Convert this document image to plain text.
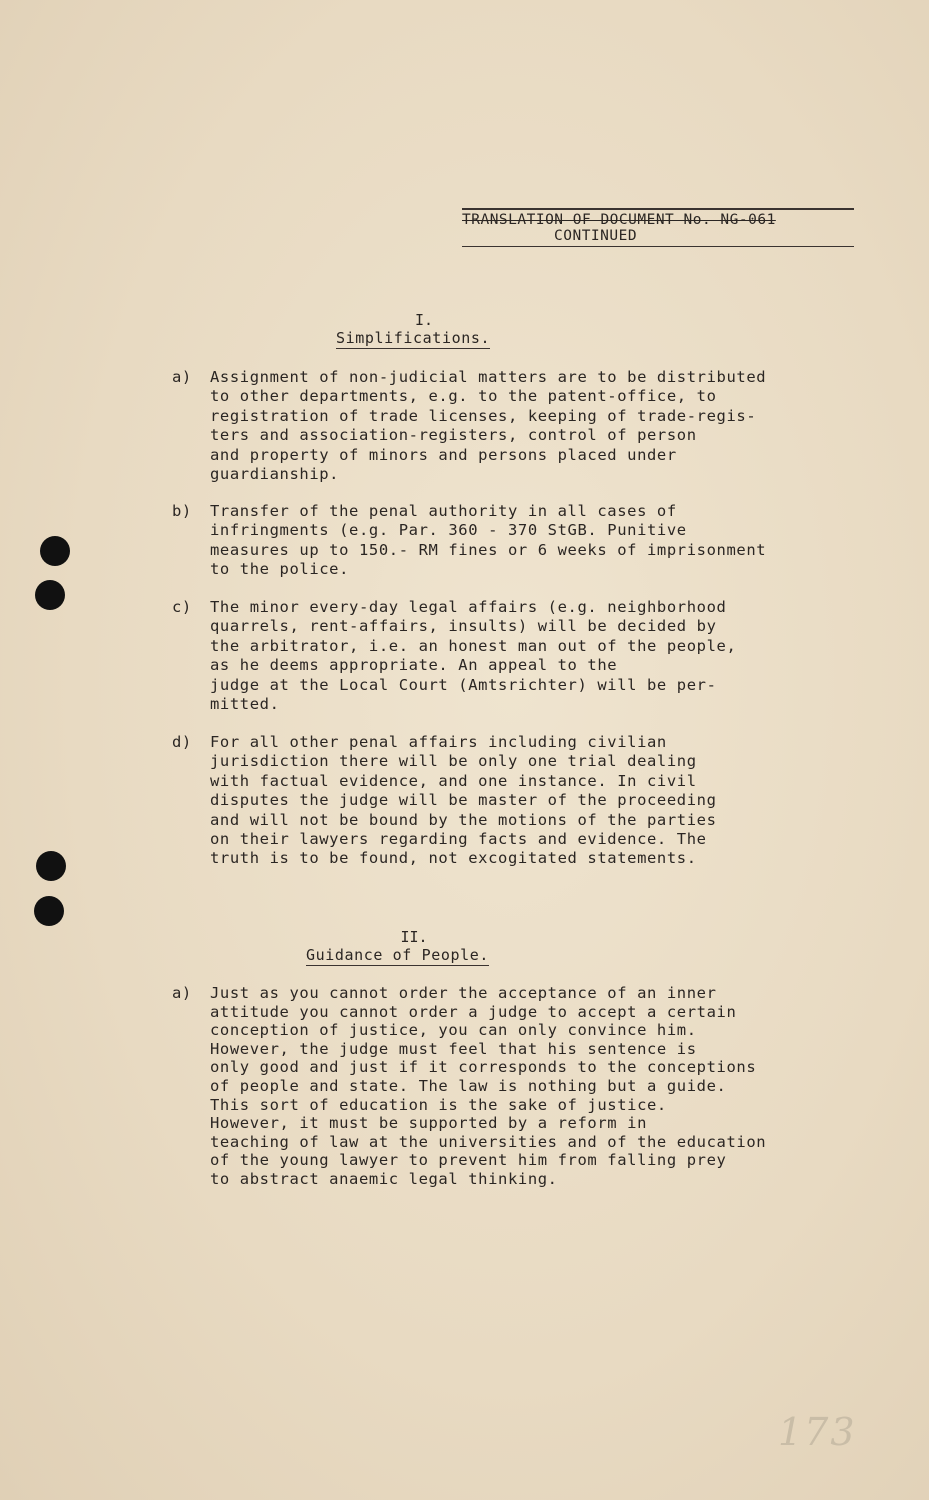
TRANSLATION OF DOCUMENT No. NG-061
CONTINUED
I.
Simplifications.
a) Assignment of non-judicial matters are to be distributed
to other departments, e.g. to the patent-office, to
registration of trade licenses, keeping of trade-regis-
ters and association-registers, control of person
and property of minors and persons placed under
guardianship.
b) Transfer of the penal authority in all cases of
infringments (e.g. Par. 360 - 370 StGB. Punitive
measures up to 150.- RM fines or 6 weeks of imprisonment
to the police.
c) The minor every-day legal affairs (e.g. neighborhood
quarrels, rent-affairs, insults) will be decided by
the arbitrator, i.e. an honest man out of the people,
as he deems appropriate. An appeal to the
judge at the Local Court (Amtsrichter) will be per-
mitted.
d) For all other penal affairs including civilian
jurisdiction there will be only one trial dealing
with factual evidence, and one instance. In civil
disputes the judge will be master of the proceeding
and will not be bound by the motions of the parties
on their lawyers regarding facts and evidence. The
truth is to be found, not excogitated statements.
II.
Guidance of People.
a) Just as you cannot order the acceptance of an inner
attitude you cannot order a judge to accept a certain
conception of justice, you can only convince him.
However, the judge must feel that his sentence is
only good and just if it corresponds to the conceptions
of people and state. The law is nothing but a guide.
This sort of education is the sake of justice.
However, it must be supported by a reform in
teaching of law at the universities and of the education
of the young lawyer to prevent him from falling prey
to abstract anaemic legal thinking.
173
